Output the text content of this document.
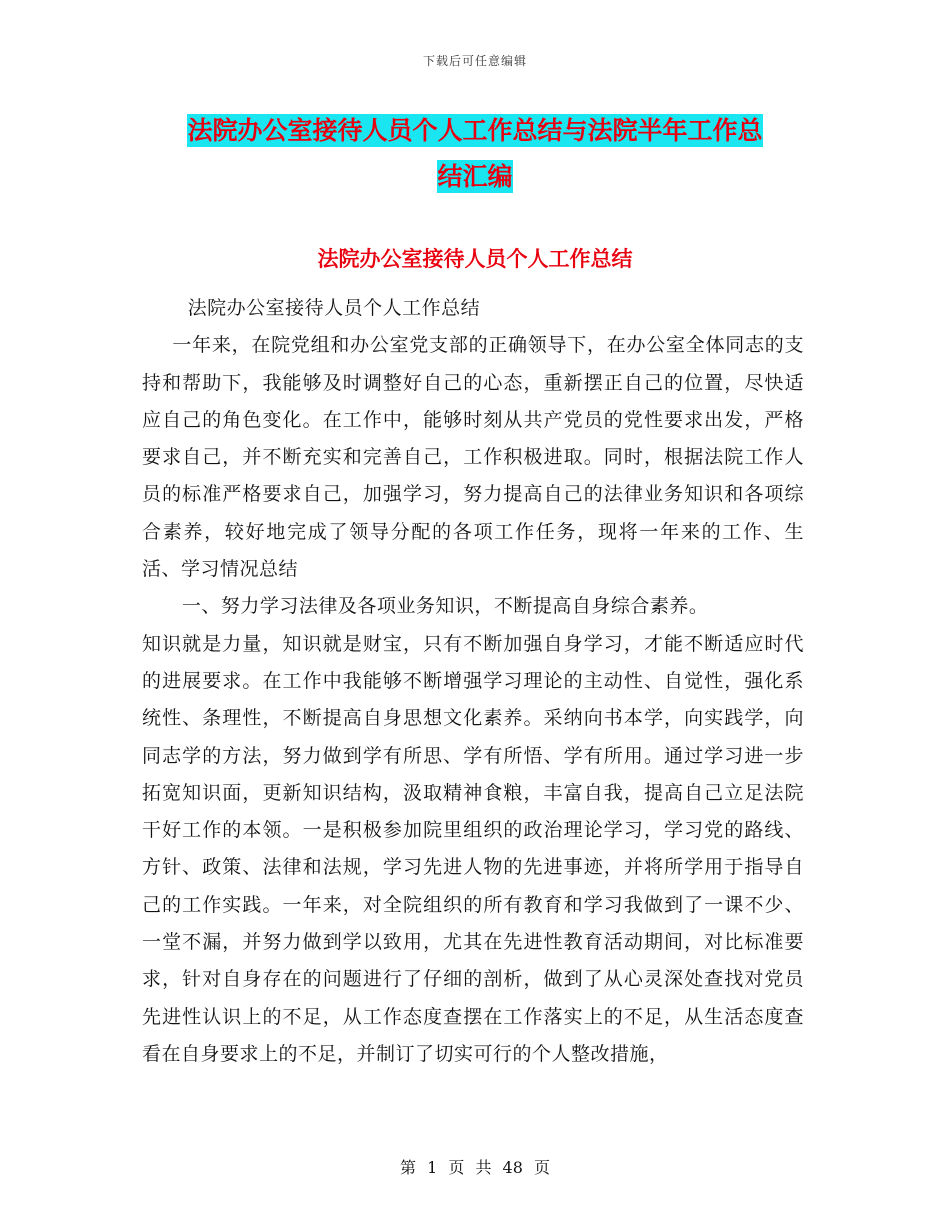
下载后可任意编辑
法院办公室接待人员个人工作总结与法院半年工作总
结汇编
法院办公室接待人员个人工作总结

法院办公室接待人员个人工作总结

一年来，在院党组和办公室党支部的正确领导下，在办公室全体同志的支持和帮助下，我能够及时调整好自己的心态，重新摆正自己的位置，尽快适应自己的角色变化。在工作中，能够时刻从共产党员的党性要求出发，严格要求自己，并不断充实和完善自己，工作积极进取。同时，根据法院工作人员的标准严格要求自己，加强学习，努力提高自己的法律业务知识和各项综合素养，较好地完成了领导分配的各项工作任务，现将一年来的工作、生活、学习情况总结

一、努力学习法律及各项业务知识，不断提高自身综合素养。

知识就是力量，知识就是财宝，只有不断加强自身学习，才能不断适应时代的进展要求。在工作中我能够不断增强学习理论的主动性、自觉性，强化系统性、条理性，不断提高自身思想文化素养。采纳向书本学，向实践学，向同志学的方法，努力做到学有所思、学有所悟、学有所用。通过学习进一步拓宽知识面，更新知识结构，汲取精神食粮，丰富自我，提高自己立足法院干好工作的本领。一是积极参加院里组织的政治理论学习，学习党的路线、方针、政策、法律和法规，学习先进人物的先进事迹，并将所学用于指导自己的工作实践。一年来，对全院组织的所有教育和学习我做到了一课不少、一堂不漏，并努力做到学以致用，尤其在先进性教育活动期间，对比标准要求，针对自身存在的问题进行了仔细的剖析，做到了从心灵深处查找对党员先进性认识上的不足，从工作态度查摆在工作落实上的不足，从生活态度查看在自身要求上的不足，并制订了切实可行的个人整改措施，

第 1 页 共 48 页
